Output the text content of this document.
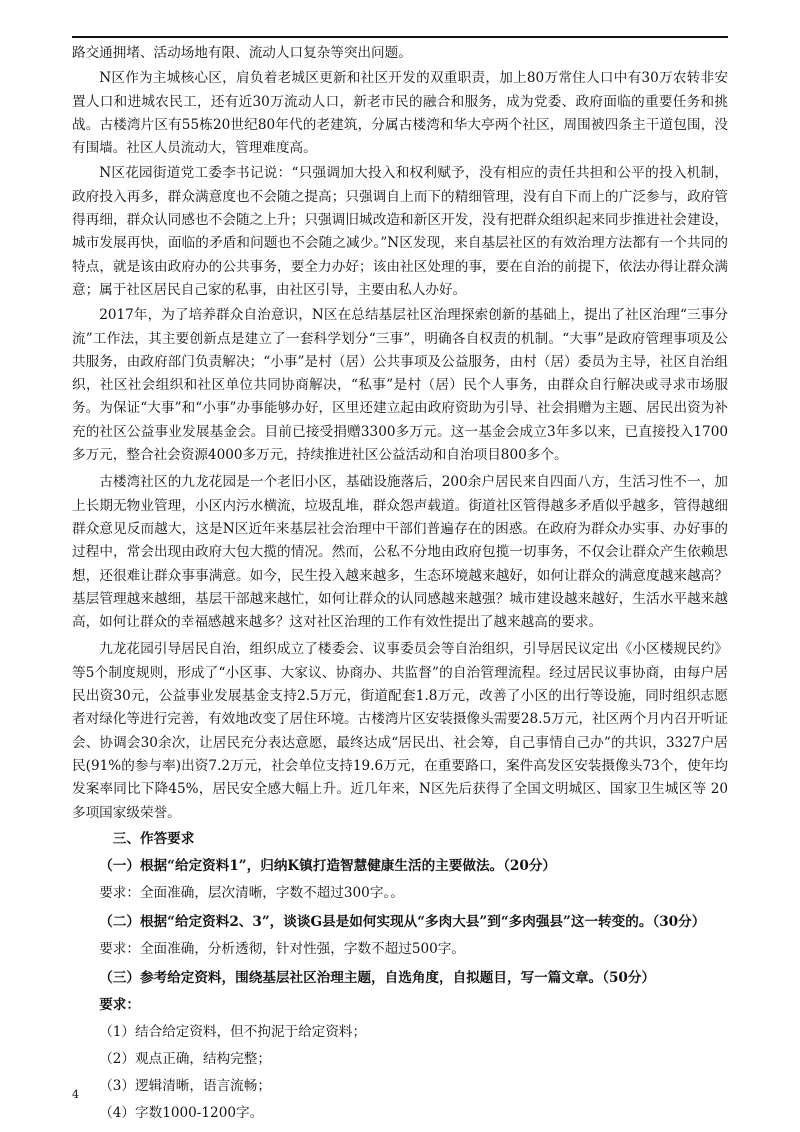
路交通拥堵、活动场地有限、流动人口复杂等突出问题。

N区作为主城核心区，肩负着老城区更新和社区开发的双重职责，加上80万常住人口中有30万农转非安置人口和进城农民工，还有近30万流动人口，新老市民的融合和服务，成为党委、政府面临的重要任务和挑战。古楼湾片区有55栋20世纪80年代的老建筑，分属古楼湾和华大亭两个社区，周围被四条主干道包围，没有围墙。社区人员流动大，管理难度高。

N区花园街道党工委李书记说：“只强调加大投入和权利赋予，没有相应的责任共担和公平的投入机制，政府投入再多，群众满意度也不会随之提高；只强调自上而下的精细管理，没有自下而上的广泛参与，政府管得再细，群众认同感也不会随之上升；只强调旧城改造和新区开发，没有把群众组织起来同步推进社会建设，城市发展再快，面临的矛盾和问题也不会随之减少。”N区发现，来自基层社区的有效治理方法都有一个共同的特点，就是该由政府办的公共事务，要全力办好；该由社区处理的事，要在自治的前提下，依法办得让群众满意；属于社区居民自己家的私事，由社区引导，主要由私人办好。

2017年，为了培养群众自治意识，N区在总结基层社区治理探索创新的基础上，提出了社区治理“三事分流”工作法，其主要创新点是建立了一套科学划分“三事”，明确各自权责的机制。“大事”是政府管理事项及公共服务，由政府部门负责解决；“小事”是村（居）公共事项及公益服务，由村（居）委员为主导，社区自治组织，社区社会组织和社区单位共同协商解决，“私事”是村（居）民个人事务，由群众自行解决或寻求市场服务。为保证“大事”和“小事”办事能够办好，区里还建立起由政府资助为引导、社会捐赠为主题、居民出资为补充的社区公益事业发展基金会。目前已接受捐赠3300多万元。这一基金会成立3年多以来，已直接投入1700多万元，整合社会资源4000多万元，持续推进社区公益活动和自治项目800多个。

古楼湾社区的九龙花园是一个老旧小区，基础设施落后，200余户居民来自四面八方，生活习性不一，加上长期无物业管理，小区内污水横流，垃圾乱堆，群众怨声载道。街道社区管得越多矛盾似乎越多，管得越细群众意见反而越大，这是N区近年来基层社会治理中干部们普遍存在的困惑。在政府为群众办实事、办好事的过程中，常会出现由政府大包大揽的情况。然而，公私不分地由政府包揽一切事务，不仅会让群众产生依赖思想，还很难让群众事事满意。如今，民生投入越来越多，生态环境越来越好，如何让群众的满意度越来越高？基层管理越来越细，基层干部越来越忙，如何让群众的认同感越来越强？城市建设越来越好，生活水平越来越高，如何让群众的幸福感越来越多？这对社区治理的工作有效性提出了越来越高的要求。

九龙花园引导居民自治，组织成立了楼委会、议事委员会等自治组织，引导居民议定出《小区楼规民约》等5个制度规则，形成了“小区事、大家议、协商办、共监督”的自治管理流程。经过居民议事协商，由每户居民出资30元，公益事业发展基金支持2.5万元，街道配套1.8万元，改善了小区的出行等设施，同时组织志愿者对绿化等进行完善，有效地改变了居住环境。古楼湾片区安装摄像头需要28.5万元，社区两个月内召开听证会、协调会30余次，让居民充分表达意愿，最终达成“居民出、社会筹，自己事情自己办”的共识，3327户居民(91%的参与率)出资7.2万元，社会单位支持19.6万元，在重要路口，案件高发区安装摄像头73个，使年均发案率同比下降45%，居民安全感大幅上升。近几年来，N区先后获得了全国文明城区、国家卫生城区等 20 多项国家级荣誉。

三、作答要求
（一）根据“给定资料1”，归纳K镇打造智慧健康生活的主要做法。（20分）
要求：全面准确，层次清晰，字数不超过300字。。
（二）根据“给定资料2、3”，谈谈G县是如何实现从“多肉大县”到“多肉强县”这一转变的。（30分）
要求：全面准确，分析透彻，针对性强，字数不超过500字。
（三）参考给定资料，围绕基层社区治理主题，自选角度，自拟题目，写一篇文章。（50分）
要求：
（1）结合给定资料，但不拘泥于给定资料；
（2）观点正确，结构完整；
（3）逻辑清晰，语言流畅；
（4）字数1000-1200字。
4
